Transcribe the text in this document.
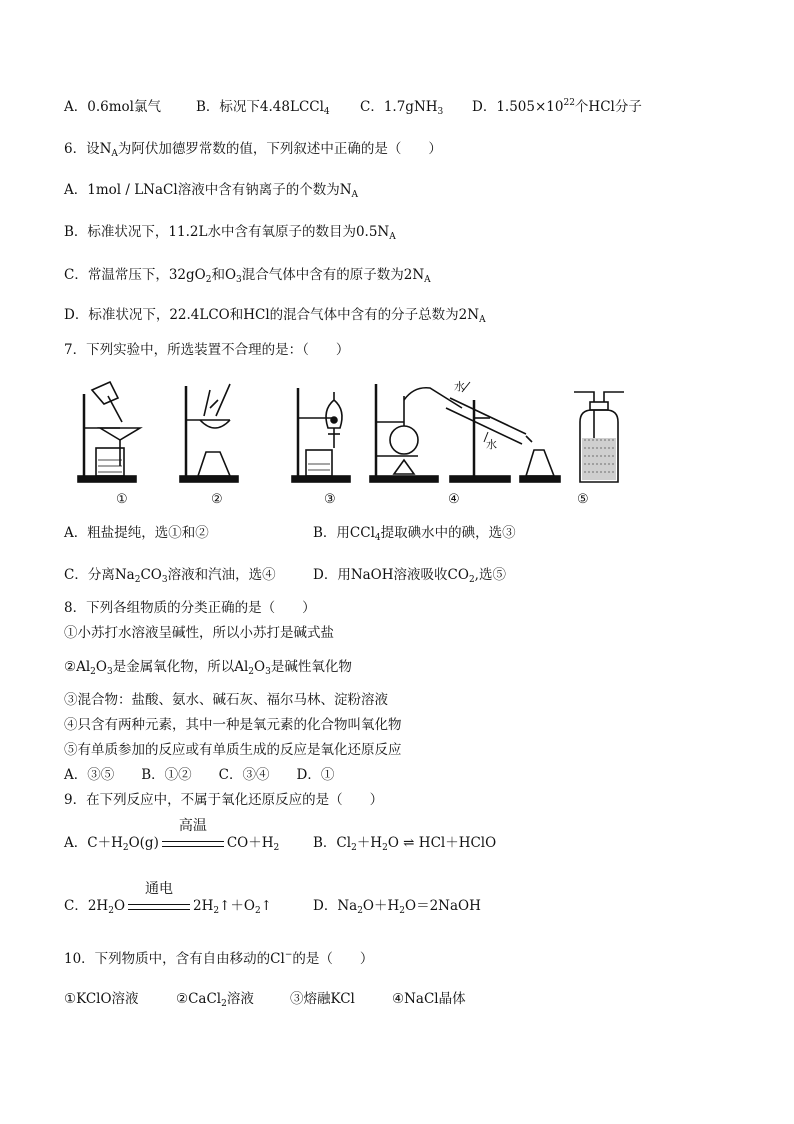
A．0.6mol氯气	B．标况下4.48LCCl$_4$ C．1.7gNH$_3$ D．$1.505\times 10^{22}$个HCl分子
6．设$N_A$为阿伏加德罗常数的值，下列叙述中正确的是（　　）
A．1mol / LNaCl溶液中含有钠离子的个数为$N_A$
B．标准状况下，11.2L水中含有氧原子的数目为$0.5N_A$
C．常温常压下，$32gO_2$和$O_3$混合气体中含有的原子数为$2N_A$
D．标准状况下，22.4LCO和HCl的混合气体中含有的分子总数为$2N_A$
7．下列实验中，所选装置不合理的是：（　　）
水
水
①	②	③	④	⑤
A．粗盐提纯，选①和②	B．用CCl$_4$提取碘水中的碘，选③
C．分离$Na_2CO_3$溶液和汽油，选④	D．用NaOH溶液吸收$CO_2$,选⑤
8．下列各组物质的分类正确的是（　　）
①小苏打水溶液呈碱性，所以小苏打是碱式盐
$②Al_2O_3$是金属氧化物，所以$Al_2O_3$是碱性氧化物
③混合物：盐酸、氨水、碱石灰、福尔马林、淀粉溶液
④只含有两种元素，其中一种是氧元素的化合物叫氧化物
⑤有单质参加的反应或有单质生成的反应是氧化还原反应
A．③⑤　　B．①②　　C．③④　　D．①
9．在下列反应中，不属于氧化还原反应的是（　　）
A．$C+H_2O(g)$
高温
$CO+H_2$	B．$Cl_2+H_2O$ ⇌ HCl＋HClO
C．$2H_2O$
通电
$2H_2↑+O_2↑$	D．$Na_2O+H_2O=2NaOH$
10．下列物质中，含有自由移动的Cl−的是（　　）
①KClO溶液	②CaCl$_2$溶液	③熔融KCl	④NaCl晶体
